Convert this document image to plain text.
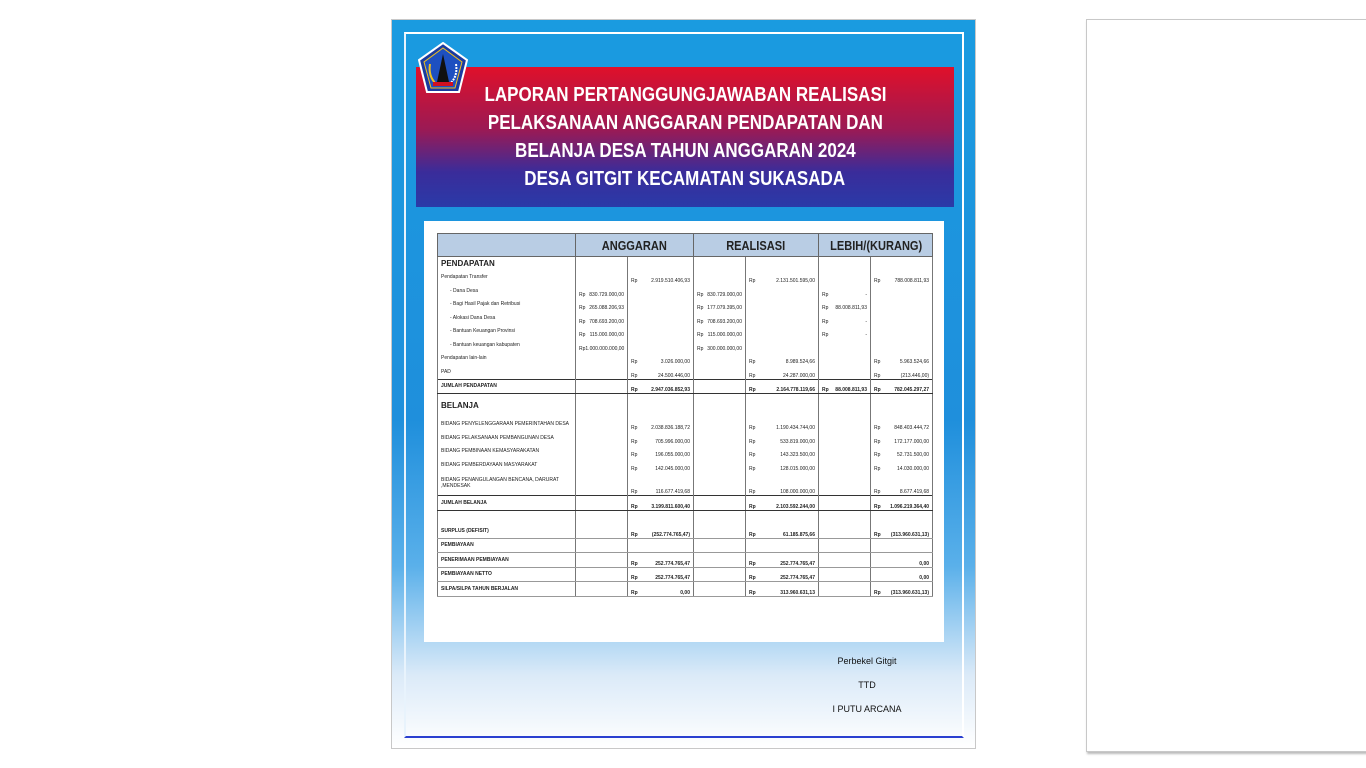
LAPORAN PERTANGGUNGJAWABAN REALISASI
PELAKSANAAN ANGGARAN PENDAPATAN DAN
BELANJA DESA TAHUN ANGGARAN 2024
DESA GITGIT KECAMATAN SUKASADA
	ANGGARAN		REALISASI		LEBIH/(KURANG)	
PENDAPATAN						
Pendapatan Transfer		Rp 2.919.510.406,93		Rp 2.131.501.595,00		Rp 788.008.811,93
- Dana Desa	Rp 830.729.000,00		Rp 830.729.000,00		Rp -	
- Bagi Hasil Pajak dan Retribusi	Rp 265.088.206,93		Rp 177.079.395,00		Rp 88.008.811,93	
- Alokasi Dana Desa	Rp 708.693.200,00		Rp 708.693.200,00		Rp -	
- Bantuan Keuangan Provinsi	Rp 115.000.000,00		Rp 115.000.000,00		Rp -	
- Bantuan keuangan kabupaten	Rp 1.000.000.000,00		Rp 300.000.000,00			
Pendapatan lain-lain		Rp 3.026.000,00		Rp 8.989.524,66		Rp 5.963.524,66
PAD		Rp 24.500.446,00		Rp 24.287.000,00		Rp (213.446,00)
JUMLAH PENDAPATAN		Rp 2.947.036.852,93		Rp 2.164.778.119,66	Rp 88.008.811,93	Rp 782.045.297,27
BELANJA						
BIDANG PENYELENGGARAAN PEMERINTAHAN DESA		Rp 2.038.836.188,72		Rp 1.190.434.744,00		Rp 848.403.444,72
BIDANG PELAKSANAAN PEMBANGUNAN DESA		Rp 705.996.000,00		Rp 533.819.000,00		Rp 172.177.000,00
BIDANG PEMBINAAN KEMASYARAKATAN		Rp 196.055.000,00		Rp 143.323.500,00		Rp 52.731.500,00
BIDANG PEMBERDAYAAN MASYARAKAT		Rp 142.045.000,00		Rp 128.015.000,00		Rp 14.030.000,00
BIDANG PENANGULANGAN BENCANA, DARURAT ,MENDESAK		Rp 116.677.419,68		Rp 108.000.000,00		Rp 8.677.419,68
JUMLAH BELANJA		Rp 3.199.811.600,40		Rp 2.103.592.244,00		Rp 1.096.219.364,40

SURPLUS (DEFISIT)		Rp (252.774.765,47)		Rp 61.185.875,66		Rp (313.960.631,13)
PEMBIAYAAN						
PENERIMAAN PEMBIAYAAN		Rp 252.774.765,47		Rp 252.774.765,47		0,00
PEMBIAYAAN NETTO		Rp 252.774.765,47		Rp 252.774.765,47		0,00
SILPA/SILPA TAHUN BERJALAN		Rp 0,00		Rp 313.960.631,13		Rp (313.960.631,13)
Perbekel Gitgit
TTD
I PUTU ARCANA
